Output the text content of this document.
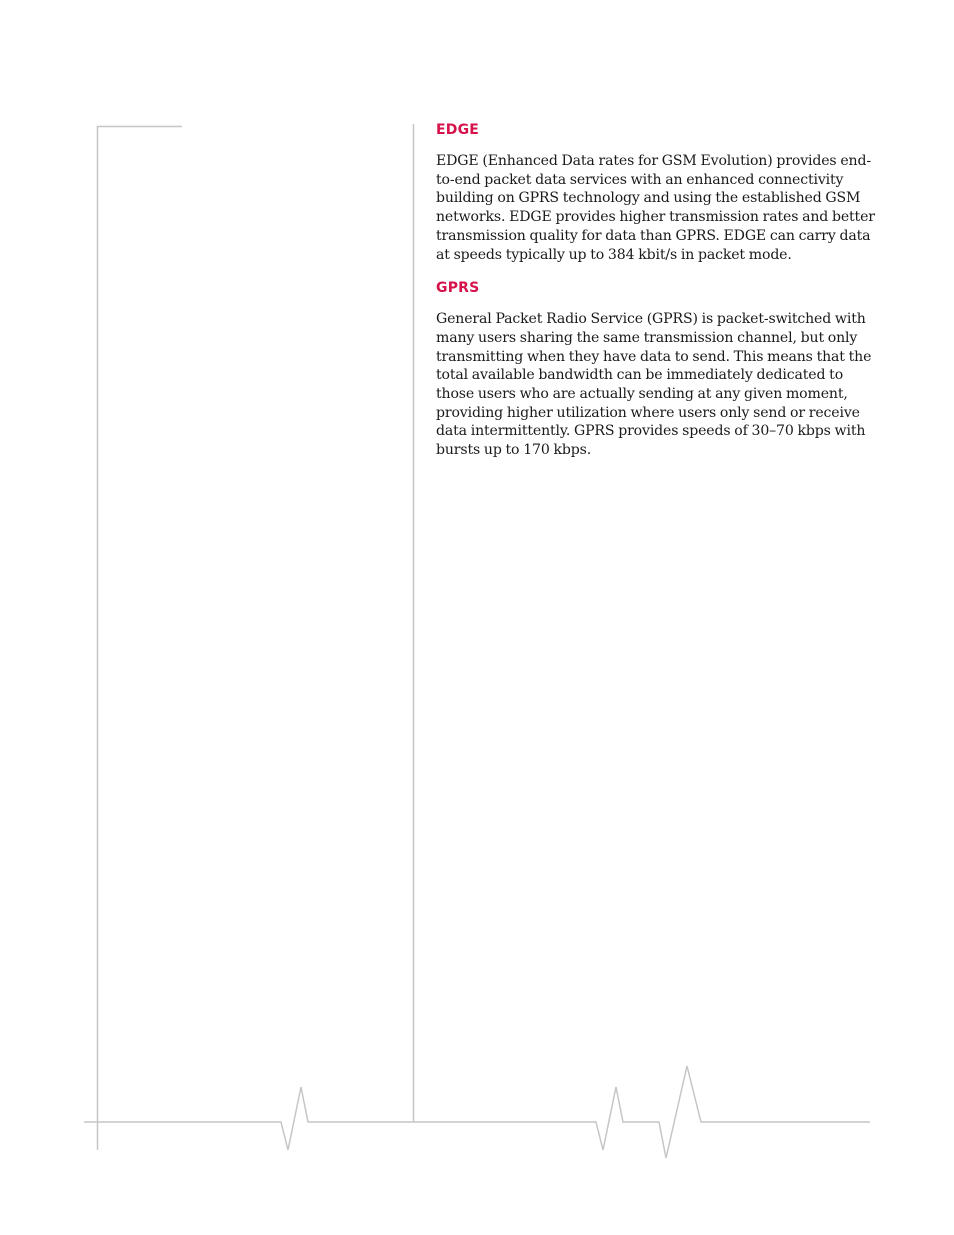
EDGE

EDGE (Enhanced Data rates for GSM Evolution) provides end-to-end packet data services with an enhanced connectivity building on GPRS technology and using the established GSM networks. EDGE provides higher transmission rates and better transmission quality for data than GPRS. EDGE can carry data at speeds typically up to 384 kbit/s in packet mode.

GPRS

General Packet Radio Service (GPRS) is packet-switched with many users sharing the same transmission channel, but only transmitting when they have data to send. This means that the total available bandwidth can be immediately dedicated to those users who are actually sending at any given moment, providing higher utilization where users only send or receive data intermittently. GPRS provides speeds of 30–70 kbps with bursts up to 170 kbps.
